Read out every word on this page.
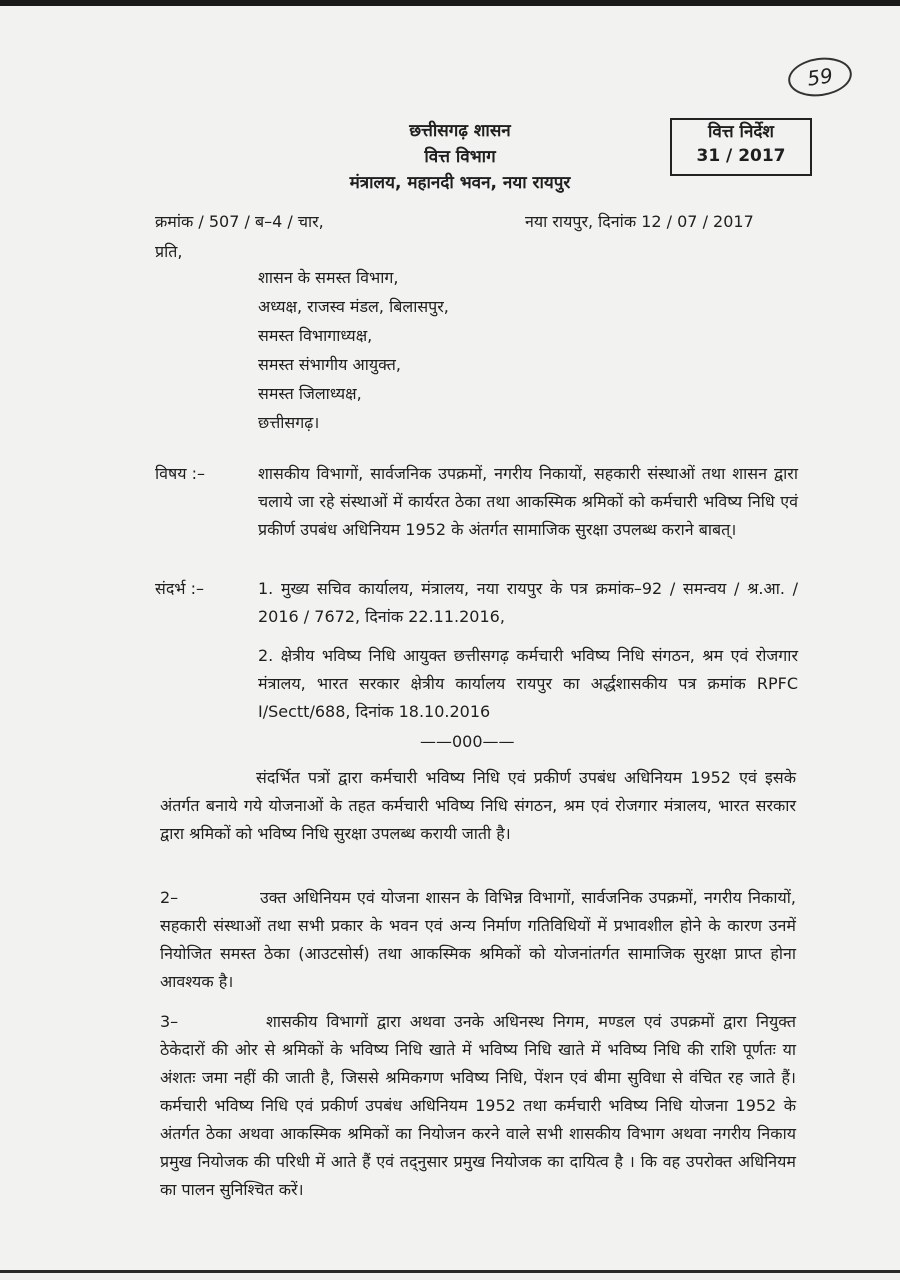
59
छत्तीसगढ़ शासन
वित्त विभाग
मंत्रालय, महानदी भवन, नया रायपुर
वित्त निर्देश
31 / 2017
क्रमांक / 507 / ब–4 / चार,	नया रायपुर, दिनांक 12 / 07 / 2017
प्रति,
शासन के समस्त विभाग,
अध्यक्ष, राजस्व मंडल, बिलासपुर,
समस्त विभागाध्यक्ष,
समस्त संभागीय आयुक्त,
समस्त जिलाध्यक्ष,
छत्तीसगढ़।
विषय :–	शासकीय विभागों, सार्वजनिक उपक्रमों, नगरीय निकायों, सहकारी संस्थाओं तथा शासन द्वारा चलाये जा रहे संस्थाओं में कार्यरत ठेका तथा आकस्मिक श्रमिकों को कर्मचारी भविष्य निधि एवं प्रकीर्ण उपबंध अधिनियम 1952 के अंतर्गत सामाजिक सुरक्षा उपलब्ध कराने बाबत्।
संदर्भ :–	1. मुख्य सचिव कार्यालय, मंत्रालय, नया रायपुर के पत्र क्रमांक–92 / समन्वय / श्र.आ. / 2016 / 7672, दिनांक 22.11.2016,
2. क्षेत्रीय भविष्य निधि आयुक्त छत्तीसगढ़ कर्मचारी भविष्य निधि संगठन, श्रम एवं रोजगार मंत्रालय, भारत सरकार क्षेत्रीय कार्यालय रायपुर का अर्द्धशासकीय पत्र क्रमांक RPFC I/Sectt/688, दिनांक 18.10.2016
——000——
संदर्भित पत्रों द्वारा कर्मचारी भविष्य निधि एवं प्रकीर्ण उपबंध अधिनियम 1952 एवं इसके अंतर्गत बनाये गये योजनाओं के तहत कर्मचारी भविष्य निधि संगठन, श्रम एवं रोजगार मंत्रालय, भारत सरकार द्वारा श्रमिकों को भविष्य निधि सुरक्षा उपलब्ध करायी जाती है।
2–	उक्त अधिनियम एवं योजना शासन के विभिन्न विभागों, सार्वजनिक उपक्रमों, नगरीय निकायों, सहकारी संस्थाओं तथा सभी प्रकार के भवन एवं अन्य निर्माण गतिविधियों में प्रभावशील होने के कारण उनमें नियोजित समस्त ठेका (आउटसोर्स) तथा आकस्मिक श्रमिकों को योजनांतर्गत सामाजिक सुरक्षा प्राप्त होना आवश्यक है।
3–	शासकीय विभागों द्वारा अथवा उनके अधिनस्थ निगम, मण्डल एवं उपक्रमों द्वारा नियुक्त ठेकेदारों की ओर से श्रमिकों के भविष्य निधि खाते में भविष्य निधि खाते में भविष्य निधि की राशि पूर्णतः या अंशतः जमा नहीं की जाती है, जिससे श्रमिकगण भविष्य निधि, पेंशन एवं बीमा सुविधा से वंचित रह जाते हैं। कर्मचारी भविष्य निधि एवं प्रकीर्ण उपबंध अधिनियम 1952 तथा कर्मचारी भविष्य निधि योजना 1952 के अंतर्गत ठेका अथवा आकस्मिक श्रमिकों का नियोजन करने वाले सभी शासकीय विभाग अथवा नगरीय निकाय प्रमुख नियोजक की परिधी में आते हैं एवं तद्नुसार प्रमुख नियोजक का दायित्व है । कि वह उपरोक्त अधिनियम का पालन सुनिश्चित करें।
